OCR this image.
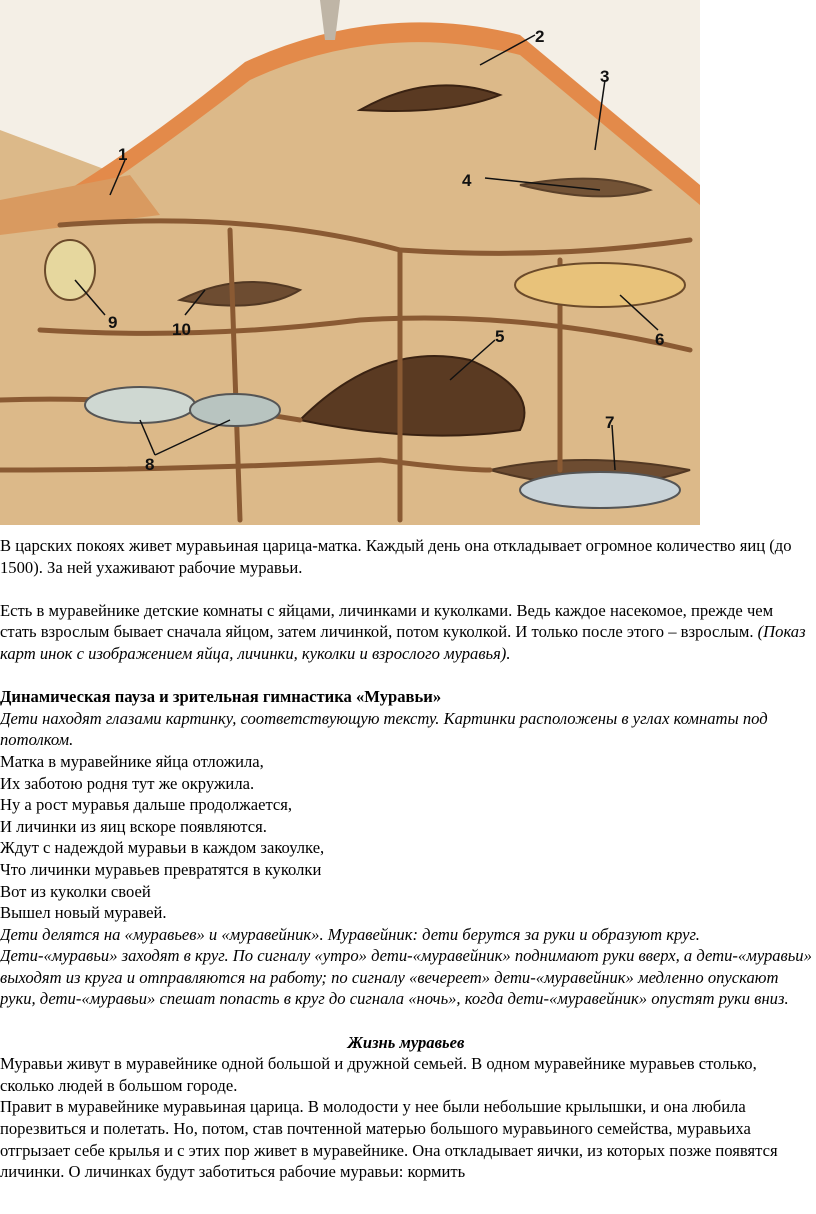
1
2
3
4
5	6
7
8
9	10

В царских покоях живет муравьиная царица-матка. Каждый день она откладывает огромное количество яиц (до 1500). За ней ухаживают рабочие муравьи.

Есть в муравейнике детские комнаты с яйцами, личинками и куколками. Ведь каждое насекомое, прежде чем стать взрослым бывает сначала яйцом, затем личинкой, потом куколкой. И только после этого – взрослым. (Показ карт инок с изображением яйца, личинки, куколки и взрослого муравья).

Динамическая пауза и зрительная гимнастика «Муравьи»

Дети находят глазами картинку, соответствующую тексту. Картинки расположены в углах комнаты под потолком.

Матка в муравейнике яйца отложила,

Их заботою родня тут же окружила.

Ну а рост муравья дальше продолжается,

И личинки из яиц вскоре появляются.

Ждут с надеждой муравьи в каждом закоулке,

Что личинки муравьев превратятся в куколки

Вот из куколки своей

Вышел новый муравей.

Дети делятся на «муравьев» и «муравейник». Муравейник: дети берутся за руки и образуют круг. Дети-«муравьи» заходят в круг. По сигналу «утро» дети-«муравейник» поднимают руки вверх, а дети-«муравьи» выходят из круга и отправляются на работу; по сигналу «вечереет» дети-«муравейник» медленно опускают руки, дети-«муравьи» спешат попасть в круг до сигнала «ночь», когда дети-«муравейник» опустят руки вниз.

Жизнь муравьев

Муравьи живут в муравейнике одной большой и дружной семьей. В одном муравейнике муравьев столько, сколько людей в большом городе.

Правит в муравейнике муравьиная царица. В молодости у нее были небольшие крылышки, и она любила порезвиться и полетать. Но, потом, став почтенной матерью большого муравьиного семейства, муравьиха отгрызает себе крылья и с этих пор живет в муравейнике. Она откладывает яички, из которых позже появятся личинки. О личинках будут заботиться рабочие муравьи: кормить
